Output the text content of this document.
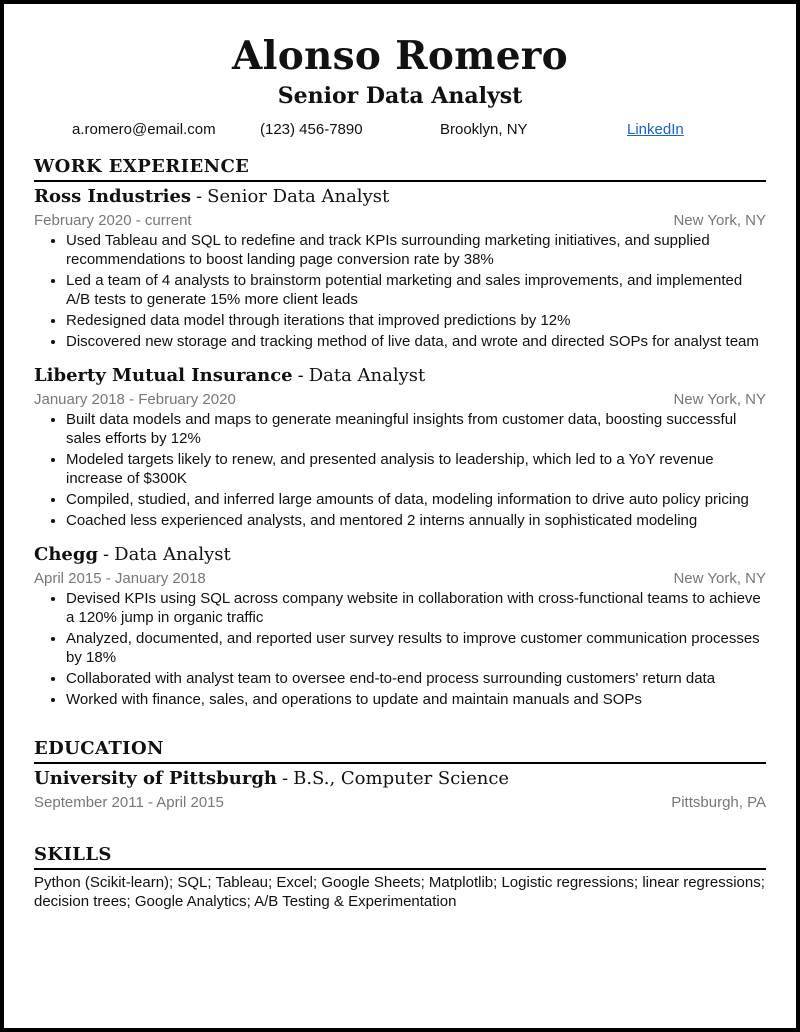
Alonso Romero
Senior Data Analyst
a.romero@email.com	(123) 456-7890	Brooklyn, NY	LinkedIn
WORK EXPERIENCE
Ross Industries - Senior Data Analyst
February 2020 - current	New York, NY
• Used Tableau and SQL to redefine and track KPIs surrounding marketing initiatives, and supplied recommendations to boost landing page conversion rate by 38%
• Led a team of 4 analysts to brainstorm potential marketing and sales improvements, and implemented A/B tests to generate 15% more client leads
• Redesigned data model through iterations that improved predictions by 12%
• Discovered new storage and tracking method of live data, and wrote and directed SOPs for analyst team
Liberty Mutual Insurance - Data Analyst
January 2018 - February 2020	New York, NY
• Built data models and maps to generate meaningful insights from customer data, boosting successful sales efforts by 12%
• Modeled targets likely to renew, and presented analysis to leadership, which led to a YoY revenue increase of $300K
• Compiled, studied, and inferred large amounts of data, modeling information to drive auto policy pricing
• Coached less experienced analysts, and mentored 2 interns annually in sophisticated modeling
Chegg - Data Analyst
April 2015 - January 2018	New York, NY
• Devised KPIs using SQL across company website in collaboration with cross-functional teams to achieve a 120% jump in organic traffic
• Analyzed, documented, and reported user survey results to improve customer communication processes by 18%
• Collaborated with analyst team to oversee end-to-end process surrounding customers' return data
• Worked with finance, sales, and operations to update and maintain manuals and SOPs
EDUCATION
University of Pittsburgh - B.S., Computer Science
September 2011 - April 2015	Pittsburgh, PA
SKILLS
Python (Scikit-learn); SQL; Tableau; Excel; Google Sheets; Matplotlib; Logistic regressions; linear regressions; decision trees; Google Analytics; A/B Testing & Experimentation
